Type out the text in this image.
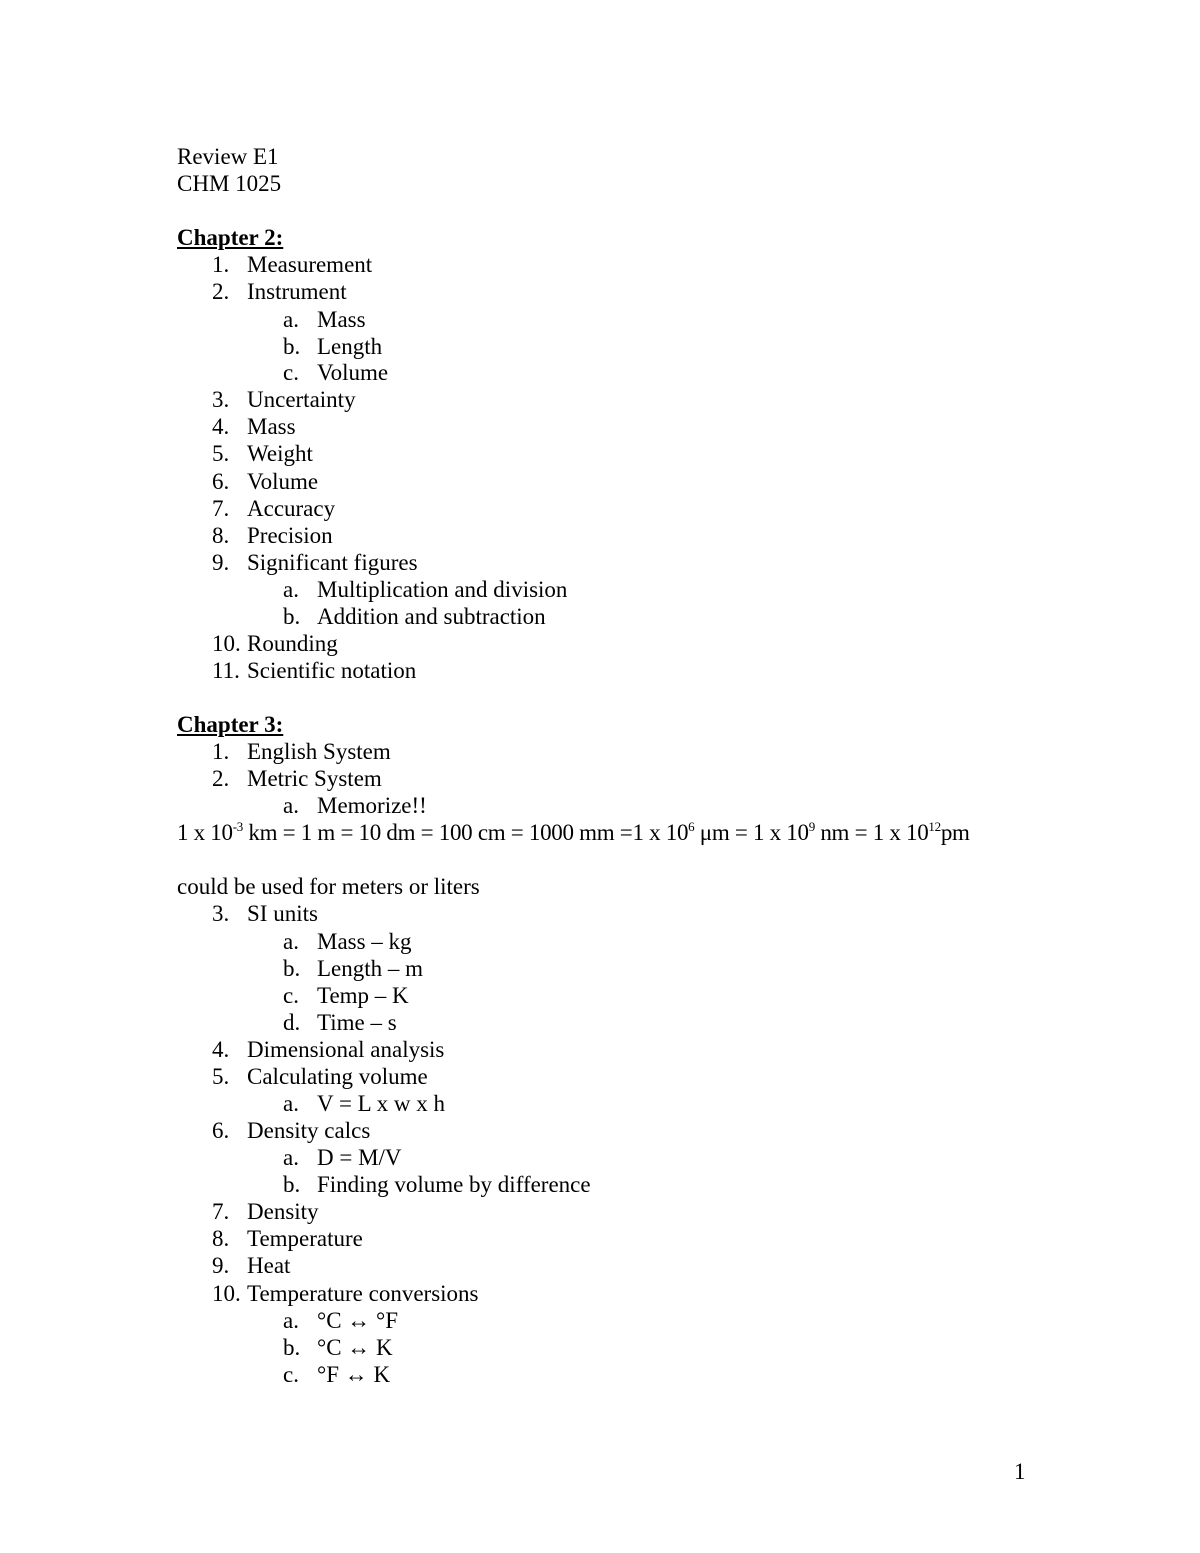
Review E1
CHM 1025
Chapter 2:
1. Measurement
2. Instrument
a. Mass
b. Length
c. Volume
3. Uncertainty
4. Mass
5. Weight
6. Volume
7. Accuracy
8. Precision
9. Significant figures
a. Multiplication and division
b. Addition and subtraction
10. Rounding
11. Scientific notation
Chapter 3:
1. English System
2. Metric System
a. Memorize!!
1 x $10^{-3}$ km = 1 m = 10 dm = 100 cm = 1000 mm =1 x $10^6$ μm = 1 x $10^9$ nm = 1 x $10^{12}pm$
could be used for meters or liters
3. SI units
a. Mass – kg
b. Length – m
c. Temp – K
d. Time – s
4. Dimensional analysis
5. Calculating volume
a. V = L x w x h
6. Density calcs
a. D = M/V
b. Finding volume by difference
7. Density
8. Temperature
9. Heat
10. Temperature conversions
a. °C ↔ °F
b. °C ↔ K
c. °F ↔ K
1
